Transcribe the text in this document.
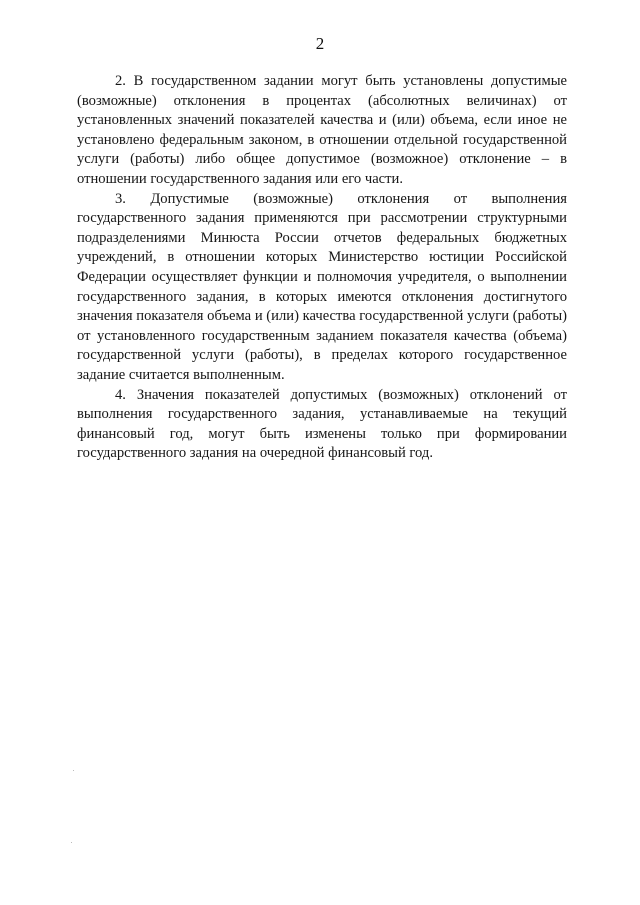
2

2. В государственном задании могут быть установлены допустимые (возможные) отклонения в процентах (абсолютных величинах) от установленных значений показателей качества и (или) объема, если иное не установлено федеральным законом, в отношении отдельной государственной услуги (работы) либо общее допустимое (возможное) отклонение – в отношении государственного задания или его части.

3. Допустимые (возможные) отклонения от выполнения государственного задания применяются при рассмотрении структурными подразделениями Минюста России отчетов федеральных бюджетных учреждений, в отношении которых Министерство юстиции Российской Федерации осуществляет функции и полномочия учредителя, о выполнении государственного задания, в которых имеются отклонения достигнутого значения показателя объема и (или) качества государственной услуги (работы) от установленного государственным заданием показателя качества (объема) государственной услуги (работы), в пределах которого государственное задание считается выполненным.

4. Значения показателей допустимых (возможных) отклонений от выполнения государственного задания, устанавливаемые на текущий финансовый год, могут быть изменены только при формировании государственного задания на очередной финансовый год.
